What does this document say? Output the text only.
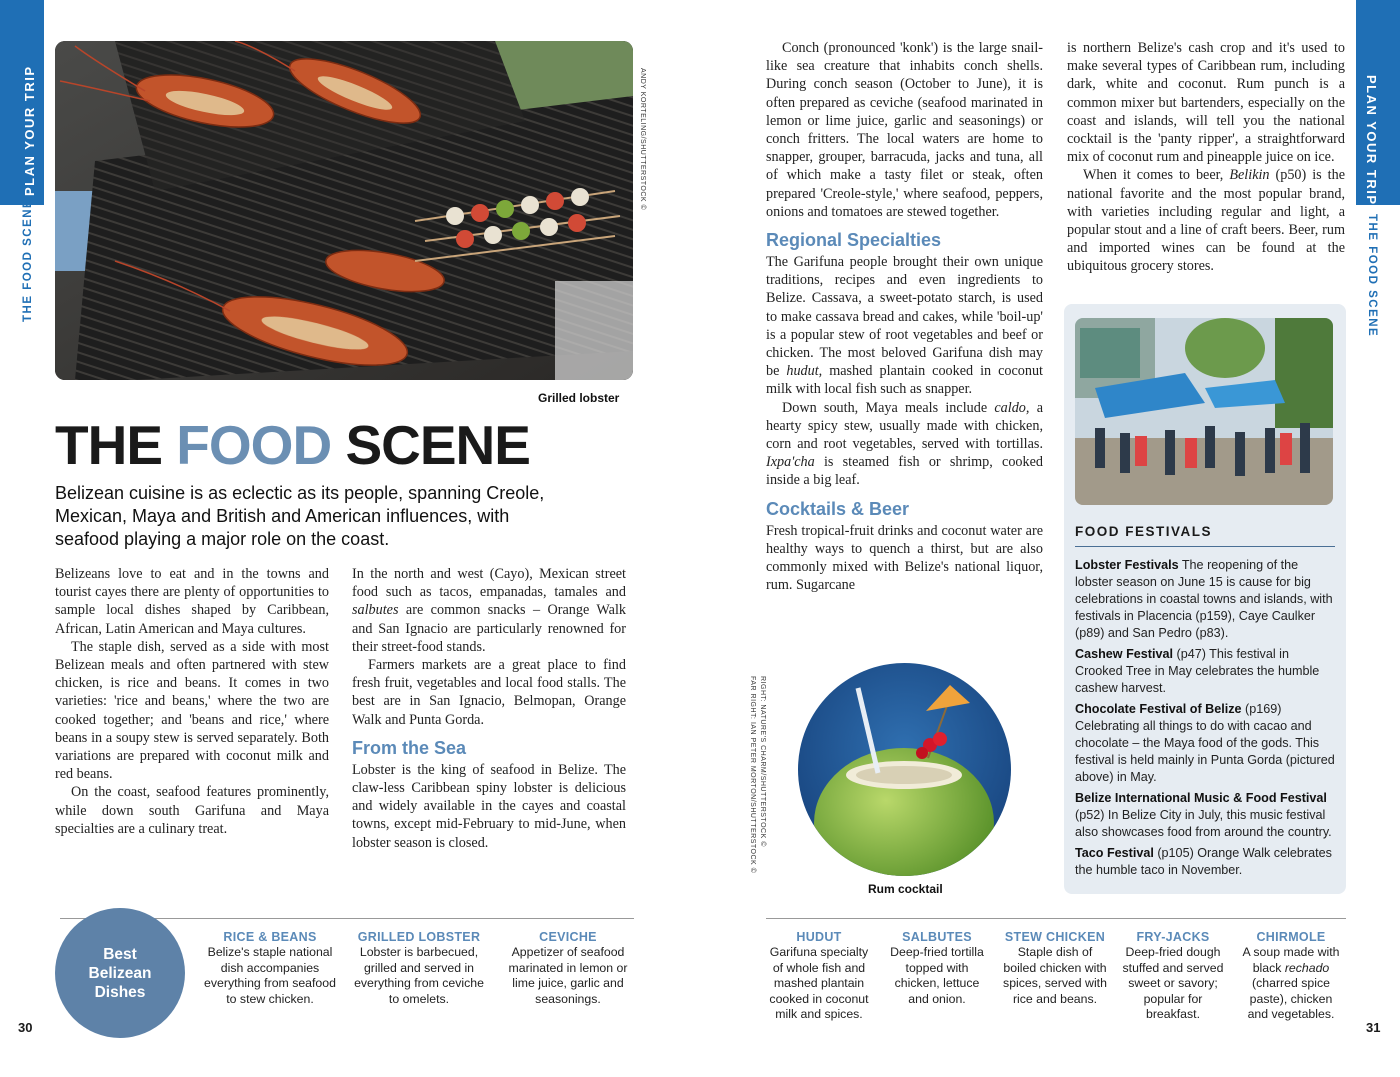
PLAN YOUR TRIP
THE FOOD SCENE
PLAN YOUR TRIP
THE FOOD SCENE
ANDY KORTELING/SHUTTERSTOCK ©
Grilled lobster
THE FOOD SCENE
Belizean cuisine is as eclectic as its people, spanning Creole, Mexican, Maya and British and American influences, with seafood playing a major role on the coast.

Belizeans love to eat and in the towns and tourist cayes there are plenty of opportunities to sample local dishes shaped by Caribbean, African, Latin American and Maya cultures.

The staple dish, served as a side with most Belizean meals and often partnered with stew chicken, is rice and beans. It comes in two varieties: 'rice and beans,' where the two are cooked together; and 'beans and rice,' where beans in a soupy stew is served separately. Both variations are prepared with coconut milk and red beans.

On the coast, seafood features prominently, while down south Garifuna and Maya specialties are a culinary treat.

In the north and west (Cayo), Mexican street food such as tacos, empanadas, tamales and salbutes are common snacks – Orange Walk and San Ignacio are particularly renowned for their street-food stands.

Farmers markets are a great place to find fresh fruit, vegetables and local food stalls. The best are in San Ignacio, Belmopan, Orange Walk and Punta Gorda.

From the Sea

Lobster is the king of seafood in Belize. The claw-less Caribbean spiny lobster is delicious and widely available in the cayes and coastal towns, except mid-February to mid-June, when lobster season is closed.

Conch (pronounced 'konk') is the large snail-like sea creature that inhabits conch shells. During conch season (October to June), it is often prepared as ceviche (seafood marinated in lemon or lime juice, garlic and seasonings) or conch fritters. The local waters are home to snapper, grouper, barracuda, jacks and tuna, all of which make a tasty filet or steak, often prepared 'Creole-style,' where seafood, peppers, onions and tomatoes are stewed together.

Regional Specialties

The Garifuna people brought their own unique traditions, recipes and even ingredients to Belize. Cassava, a sweet-potato starch, is used to make cassava bread and cakes, while 'boil-up' is a popular stew of root vegetables and beef or chicken. The most beloved Garifuna dish may be hudut, mashed plantain cooked in coconut milk with local fish such as snapper.

Down south, Maya meals include caldo, a hearty spicy stew, usually made with chicken, corn and root vegetables, served with tortillas. Ixpa'cha is steamed fish or shrimp, cooked inside a big leaf.

Cocktails & Beer

Fresh tropical-fruit drinks and coconut water are healthy ways to quench a thirst, but are also commonly mixed with Belize's national liquor, rum. Sugarcane

is northern Belize's cash crop and it's used to make several types of Caribbean rum, including dark, white and coconut. Rum punch is a common mixer but bartenders, especially on the coast and islands, will tell you the national cocktail is the 'panty ripper', a straightforward mix of coconut rum and pineapple juice on ice.

When it comes to beer, Belikin (p50) is the national favorite and the most popular brand, with varieties including regular and light, a popular stout and a line of craft beers. Beer, rum and imported wines can be found at the ubiquitous grocery stores.

RIGHT: NATURE'S CHARM/SHUTTERSTOCK ©
FAR RIGHT: IAN PETER MORTON/SHUTTERSTOCK ©
Rum cocktail
FOOD FESTIVALS
Lobster Festivals The reopening of the lobster season on June 15 is cause for big celebrations in coastal towns and islands, with festivals in Placencia (p159), Caye Caulker (p89) and San Pedro (p83).
Cashew Festival (p47) This festival in Crooked Tree in May celebrates the humble cashew harvest.
Chocolate Festival of Belize (p169) Celebrating all things to do with cacao and chocolate – the Maya food of the gods. This festival is held mainly in Punta Gorda (pictured above) in May.
Belize International Music & Food Festival (p52) In Belize City in July, this music festival also showcases food from around the country.
Taco Festival (p105) Orange Walk celebrates the humble taco in November.
Best Belizean Dishes
RICE & BEANS
Belize's staple national dish accompanies everything from seafood to stew chicken.
GRILLED LOBSTER
Lobster is barbecued, grilled and served in everything from ceviche to omelets.
CEVICHE
Appetizer of seafood marinated in lemon or lime juice, garlic and seasonings.
HUDUT
Garifuna specialty of whole fish and mashed plantain cooked in coconut milk and spices.
SALBUTES
Deep-fried tortilla topped with chicken, lettuce and onion.
STEW CHICKEN
Staple dish of boiled chicken with spices, served with rice and beans.
FRY-JACKS
Deep-fried dough stuffed and served sweet or savory; popular for breakfast.
CHIRMOLE
A soup made with black rechado (charred spice paste), chicken and vegetables.
30	31
